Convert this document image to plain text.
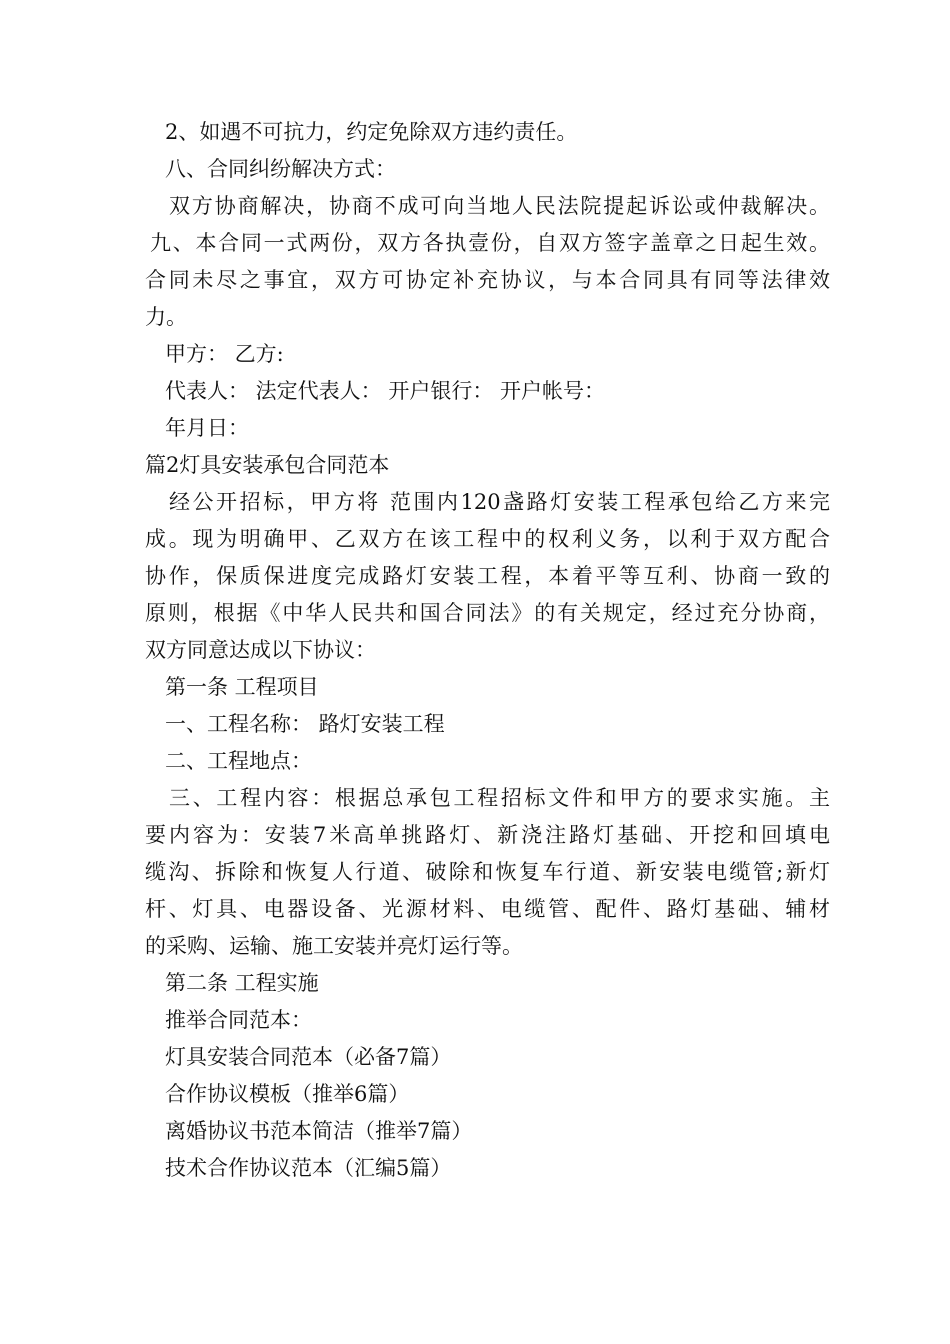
2、如遇不可抗力，约定免除双方违约责任。
八、合同纠纷解决方式：
双方协商解决，协商不成可向当地人民法院提起诉讼或仲裁解决。
九、本合同一式两份，双方各执壹份，自双方签字盖章之日起生效。
合同未尽之事宜，双方可协定补充协议，与本合同具有同等法律效
力。
甲方： 乙方:
代表人： 法定代表人： 开户银行： 开户帐号：
年月日：
篇2灯具安装承包合同范本
经公开招标，甲方将 范围内120盏路灯安装工程承包给乙方来完
成。现为明确甲、乙双方在该工程中的权利义务，以利于双方配合
协作，保质保进度完成路灯安装工程，本着平等互利、协商一致的
原则，根据《中华人民共和国合同法》的有关规定，经过充分协商，
双方同意达成以下协议：
第一条 工程项目
一、工程名称： 路灯安装工程
二、工程地点：
三、工程内容：根据总承包工程招标文件和甲方的要求实施。主
要内容为：安装7米高单挑路灯、新浇注路灯基础、开挖和回填电
缆沟、拆除和恢复人行道、破除和恢复车行道、新安装电缆管;新灯
杆、灯具、电器设备、光源材料、电缆管、配件、路灯基础、辅材
的采购、运输、施工安装并亮灯运行等。
第二条 工程实施
推举合同范本：
灯具安装合同范本（必备7篇）
合作协议模板（推举6篇）
离婚协议书范本简洁（推举7篇）
技术合作协议范本（汇编5篇）
